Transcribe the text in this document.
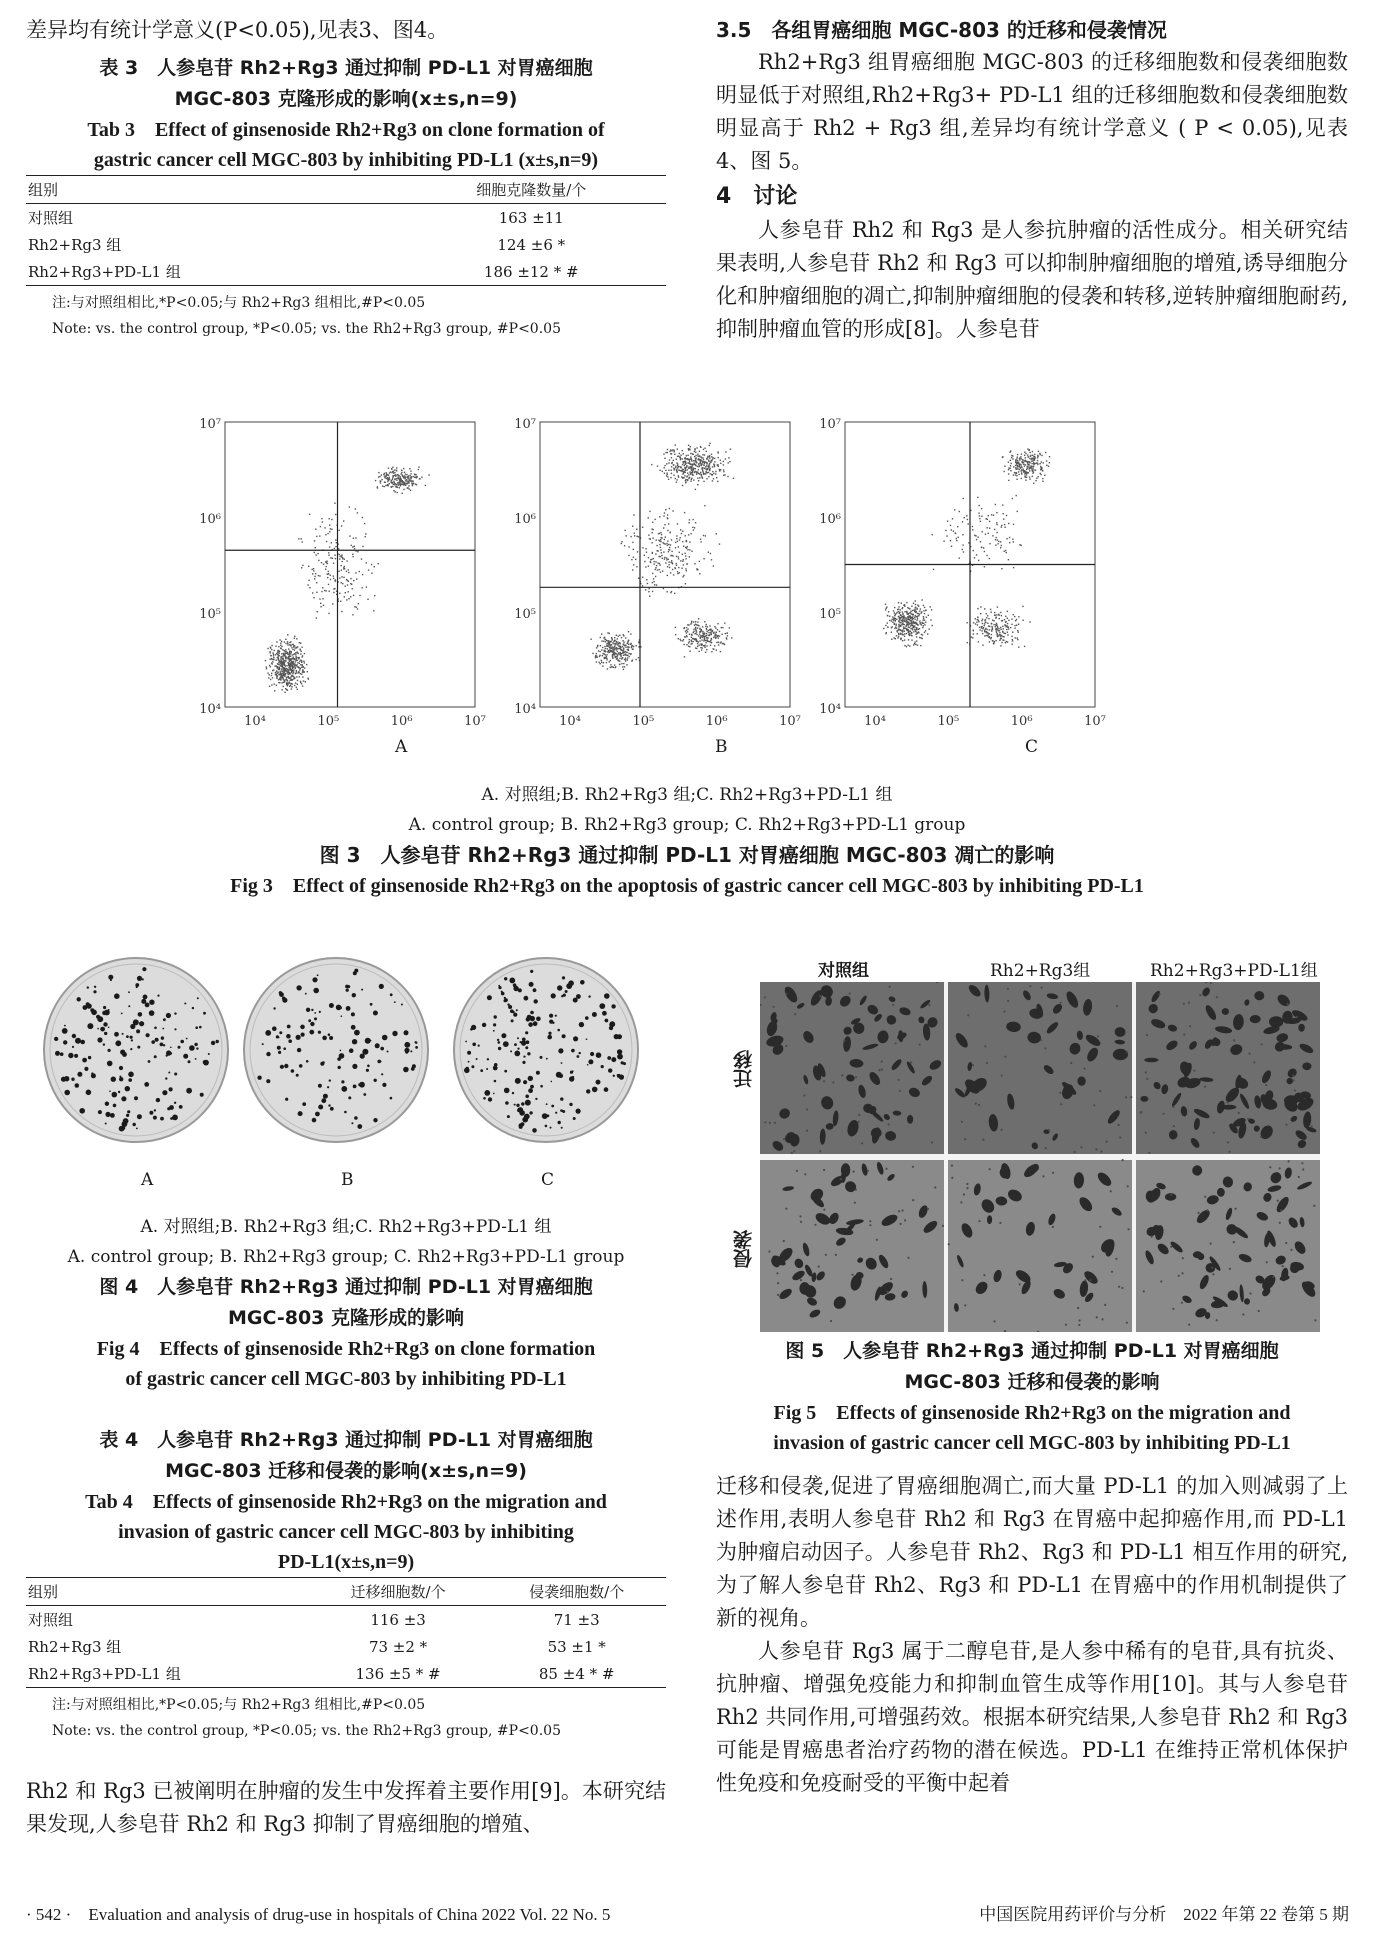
差异均有统计学意义(P<0.05),见表3、图4。

表 3　人参皂苷 Rh2+Rg3 通过抑制 PD-L1 对胃癌细胞

MGC-803 克隆形成的影响(x±s,n=9)

Tab 3　Effect of ginsenoside Rh2+Rg3 on clone formation of

gastric cancer cell MGC-803 by inhibiting PD-L1 (x±s,n=9)

组别	细胞克隆数量/个
对照组	163 ±11
Rh2+Rg3 组	124 ±6 *
Rh2+Rg3+PD-L1 组	186 ±12 * #

注:与对照组相比,*P<0.05;与 Rh2+Rg3 组相比,#P<0.05

Note: vs. the control group, *P<0.05; vs. the Rh2+Rg3 group, #P<0.05

3.5　各组胃癌细胞 MGC-803 的迁移和侵袭情况

Rh2+Rg3 组胃癌细胞 MGC-803 的迁移细胞数和侵袭细胞数明显低于对照组,Rh2+Rg3+ PD-L1 组的迁移细胞数和侵袭细胞数明显高于 Rh2 + Rg3 组,差异均有统计学意义 ( P < 0.05),见表 4、图 5。

4　讨论

人参皂苷 Rh2 和 Rg3 是人参抗肿瘤的活性成分。相关研究结果表明,人参皂苷 Rh2 和 Rg3 可以抑制肿瘤细胞的增殖,诱导细胞分化和肿瘤细胞的凋亡,抑制肿瘤细胞的侵袭和转移,逆转肿瘤细胞耐药,抑制肿瘤血管的形成[8]。人参皂苷

10⁷
10⁶
10⁵
10⁴
10⁴	10⁵	10⁶	10⁷
10⁷
10⁶
10⁵
10⁴
10⁴	10⁵	10⁶	10⁷
10⁷
10⁶
10⁵
10⁴
10⁴	10⁵	10⁶	10⁷
A	B	C

A. 对照组;B. Rh2+Rg3 组;C. Rh2+Rg3+PD-L1 组

A. control group; B. Rh2+Rg3 group; C. Rh2+Rg3+PD-L1 group

图 3　人参皂苷 Rh2+Rg3 通过抑制 PD-L1 对胃癌细胞 MGC-803 凋亡的影响

Fig 3　Effect of ginsenoside Rh2+Rg3 on the apoptosis of gastric cancer cell MGC-803 by inhibiting PD-L1

A	B	C

A. 对照组;B. Rh2+Rg3 组;C. Rh2+Rg3+PD-L1 组

A. control group; B. Rh2+Rg3 group; C. Rh2+Rg3+PD-L1 group

图 4　人参皂苷 Rh2+Rg3 通过抑制 PD-L1 对胃癌细胞

MGC-803 克隆形成的影响

Fig 4　Effects of ginsenoside Rh2+Rg3 on clone formation

of gastric cancer cell MGC-803 by inhibiting PD-L1

表 4　人参皂苷 Rh2+Rg3 通过抑制 PD-L1 对胃癌细胞

MGC-803 迁移和侵袭的影响(x±s,n=9)

Tab 4　Effects of ginsenoside Rh2+Rg3 on the migration and

invasion of gastric cancer cell MGC-803 by inhibiting

PD-L1(x±s,n=9)

组别	迁移细胞数/个	侵袭细胞数/个
对照组	116 ±3	71 ±3
Rh2+Rg3 组	73 ±2 *	53 ±1 *
Rh2+Rg3+PD-L1 组	136 ±5 * #	85 ±4 * #

注:与对照组相比,*P<0.05;与 Rh2+Rg3 组相比,#P<0.05

Note: vs. the control group, *P<0.05; vs. the Rh2+Rg3 group, #P<0.05

Rh2 和 Rg3 已被阐明在肿瘤的发生中发挥着主要作用[9]。本研究结果发现,人参皂苷 Rh2 和 Rg3 抑制了胃癌细胞的增殖、

对照组	Rh2+Rg3组	Rh2+Rg3+PD-L1组
迁移
侵袭

图 5　人参皂苷 Rh2+Rg3 通过抑制 PD-L1 对胃癌细胞

MGC-803 迁移和侵袭的影响

Fig 5　Effects of ginsenoside Rh2+Rg3 on the migration and

invasion of gastric cancer cell MGC-803 by inhibiting PD-L1

迁移和侵袭,促进了胃癌细胞凋亡,而大量 PD-L1 的加入则减弱了上述作用,表明人参皂苷 Rh2 和 Rg3 在胃癌中起抑癌作用,而 PD-L1 为肿瘤启动因子。人参皂苷 Rh2、Rg3 和 PD-L1 相互作用的研究,为了解人参皂苷 Rh2、Rg3 和 PD-L1 在胃癌中的作用机制提供了新的视角。

人参皂苷 Rg3 属于二醇皂苷,是人参中稀有的皂苷,具有抗炎、抗肿瘤、增强免疫能力和抑制血管生成等作用[10]。其与人参皂苷 Rh2 共同作用,可增强药效。根据本研究结果,人参皂苷 Rh2 和 Rg3 可能是胃癌患者治疗药物的潜在候选。PD-L1 在维持正常机体保护性免疫和免疫耐受的平衡中起着

· 542 ·　Evaluation and analysis of drug-use in hospitals of China 2022 Vol. 22 No. 5	中国医院用药评价与分析　2022 年第 22 卷第 5 期
